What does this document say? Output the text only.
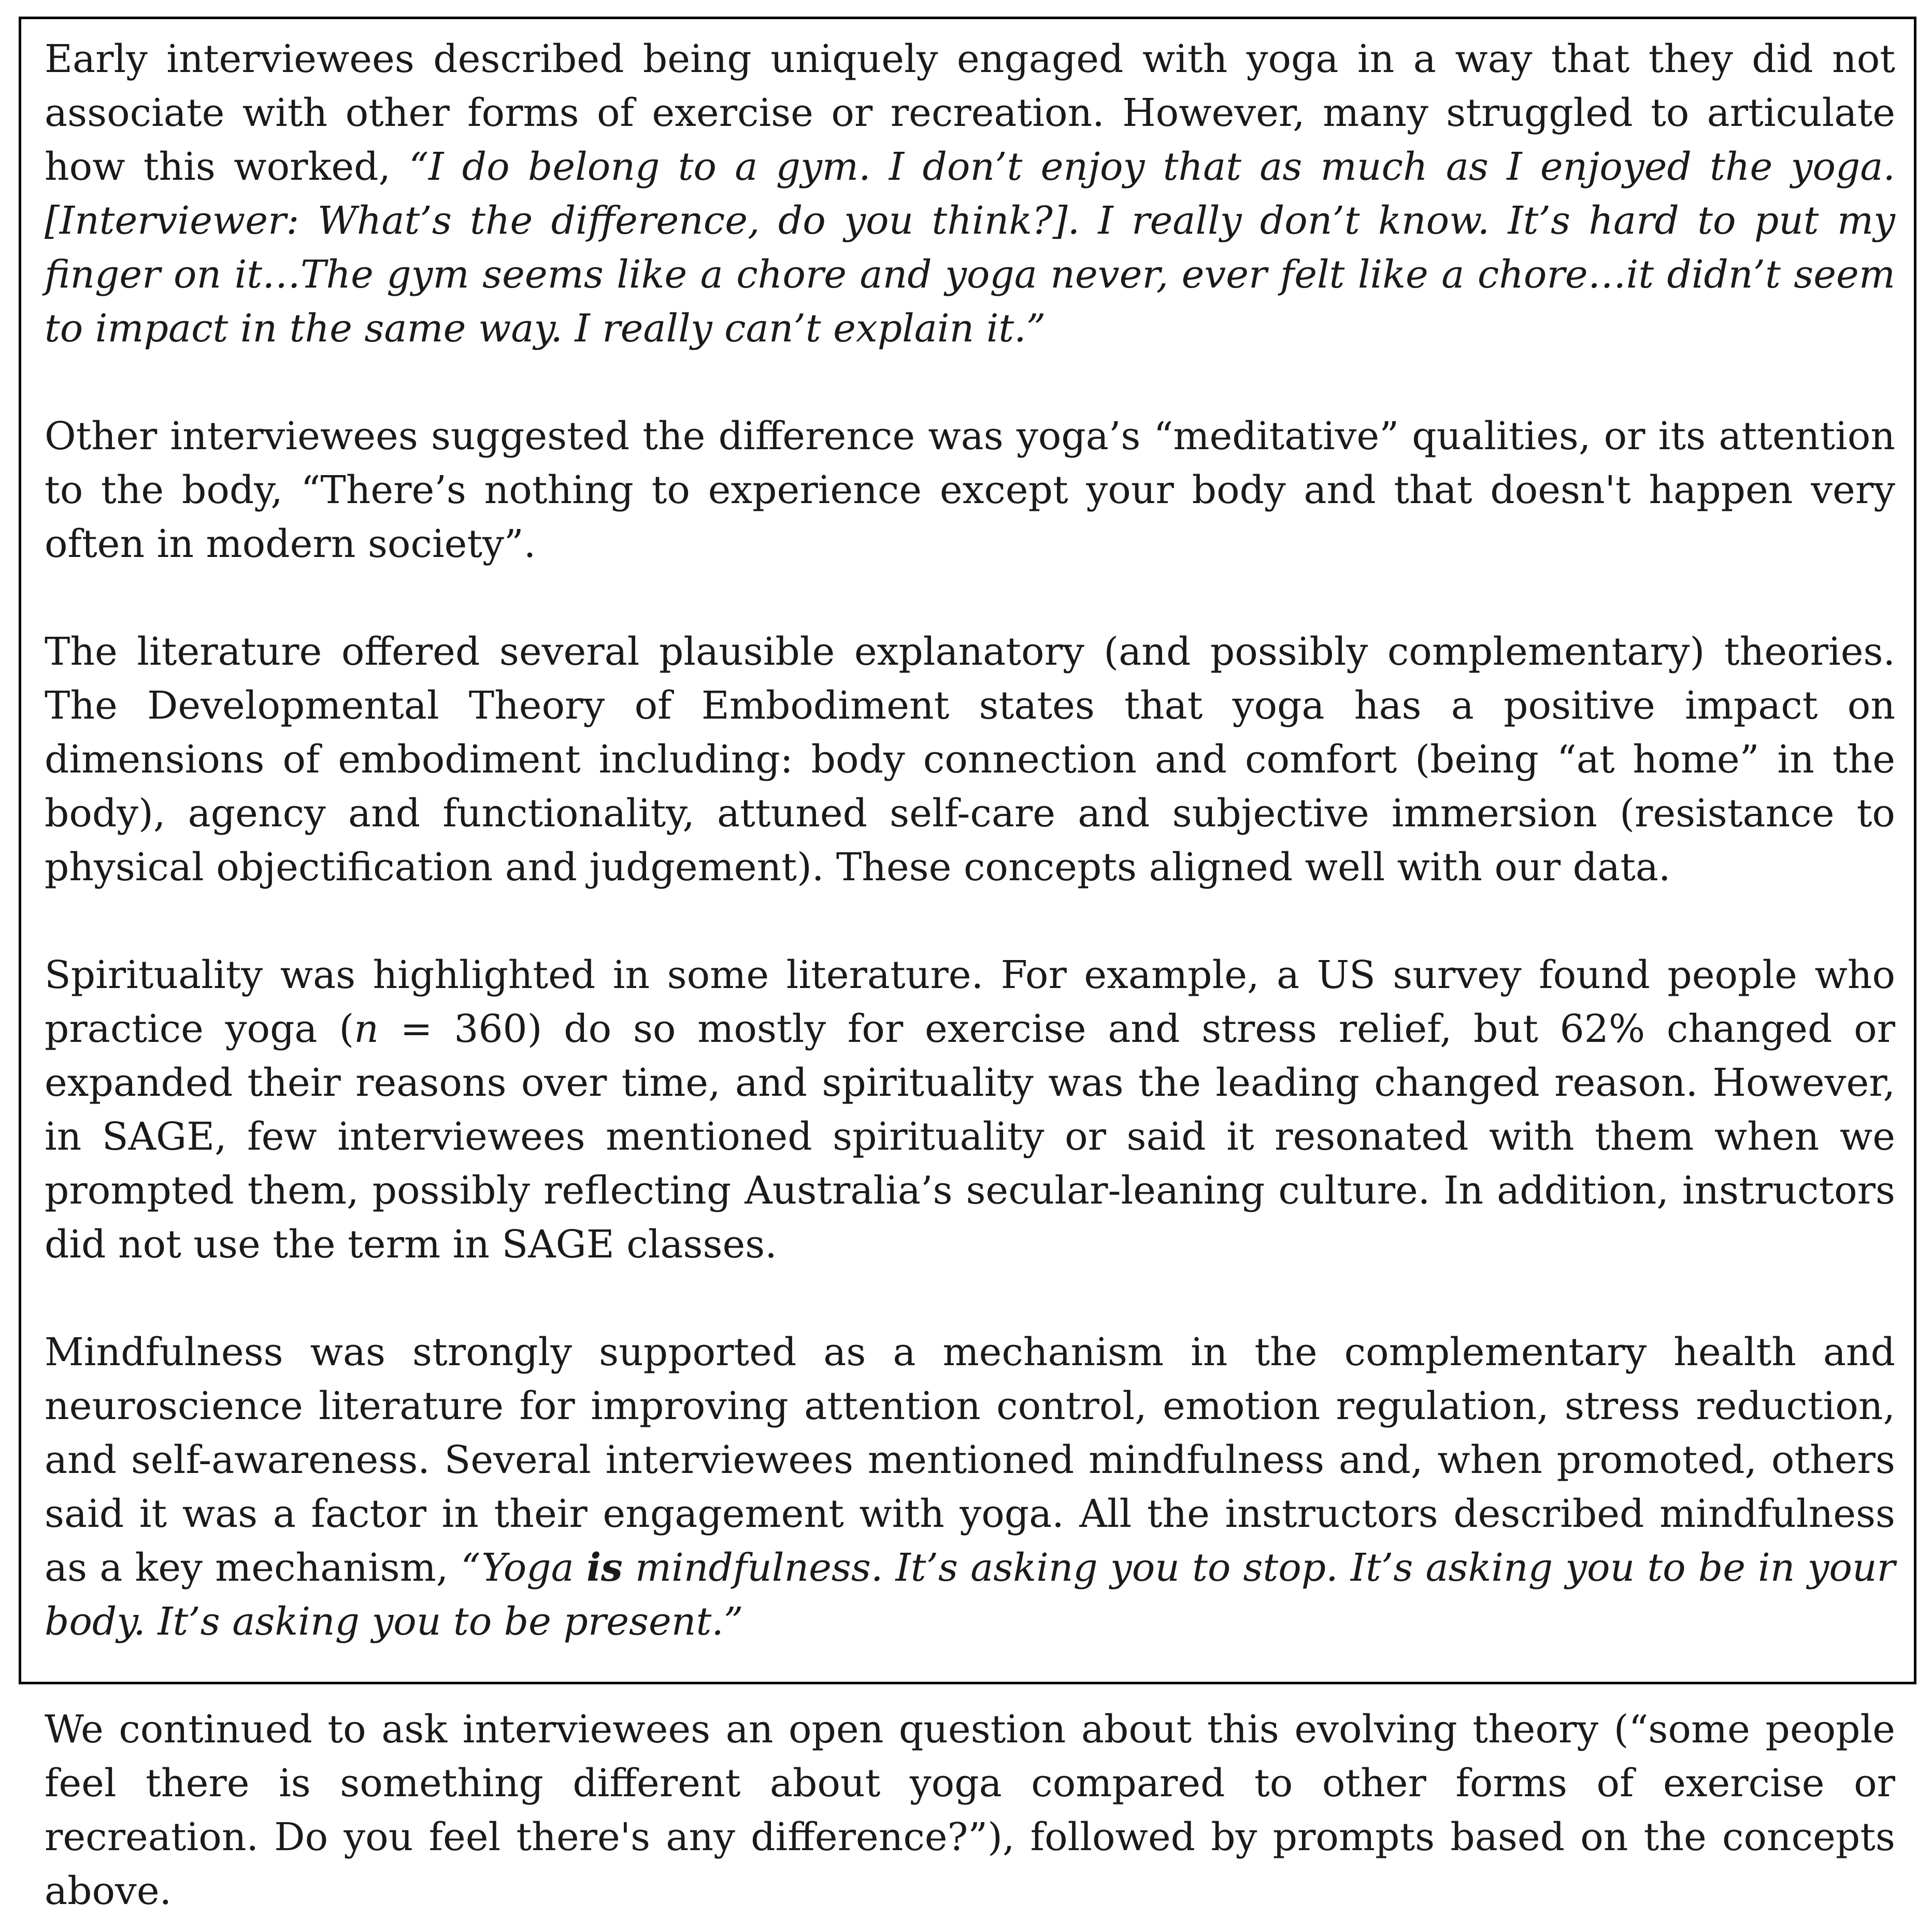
Early interviewees described being uniquely engaged with yoga in a way that they did not associate with other forms of exercise or recreation. However, many struggled to articulate how this worked, “I do belong to a gym. I don’t enjoy that as much as I enjoyed the yoga. [Interviewer: What’s the difference, do you think?]. I really don’t know. It’s hard to put my finger on it…The gym seems like a chore and yoga never, ever felt like a chore…it didn’t seem to impact in the same way. I really can’t explain it.”

Other interviewees suggested the difference was yoga’s “meditative” qualities, or its attention to the body, “There’s nothing to experience except your body and that doesn't happen very often in modern society”.

The literature offered several plausible explanatory (and possibly complementary) theories. The Developmental Theory of Embodiment states that yoga has a positive impact on dimensions of embodiment including: body connection and comfort (being “at home” in the body), agency and functionality, attuned self-care and subjective immersion (resistance to physical objectification and judgement). These concepts aligned well with our data.

Spirituality was highlighted in some literature. For example, a US survey found people who practice yoga (n = 360) do so mostly for exercise and stress relief, but 62% changed or expanded their reasons over time, and spirituality was the leading changed reason. However, in SAGE, few interviewees mentioned spirituality or said it resonated with them when we prompted them, possibly reflecting Australia’s secular-leaning culture. In addition, instructors did not use the term in SAGE classes.

Mindfulness was strongly supported as a mechanism in the complementary health and neuroscience literature for improving attention control, emotion regulation, stress reduction, and self-awareness. Several interviewees mentioned mindfulness and, when promoted, others said it was a factor in their engagement with yoga. All the instructors described mindfulness as a key mechanism, “Yoga is mindfulness. It’s asking you to stop. It’s asking you to be in your body. It’s asking you to be present.”

We continued to ask interviewees an open question about this evolving theory (“some people feel there is something different about yoga compared to other forms of exercise or recreation. Do you feel there's any difference?”), followed by prompts based on the concepts above.
